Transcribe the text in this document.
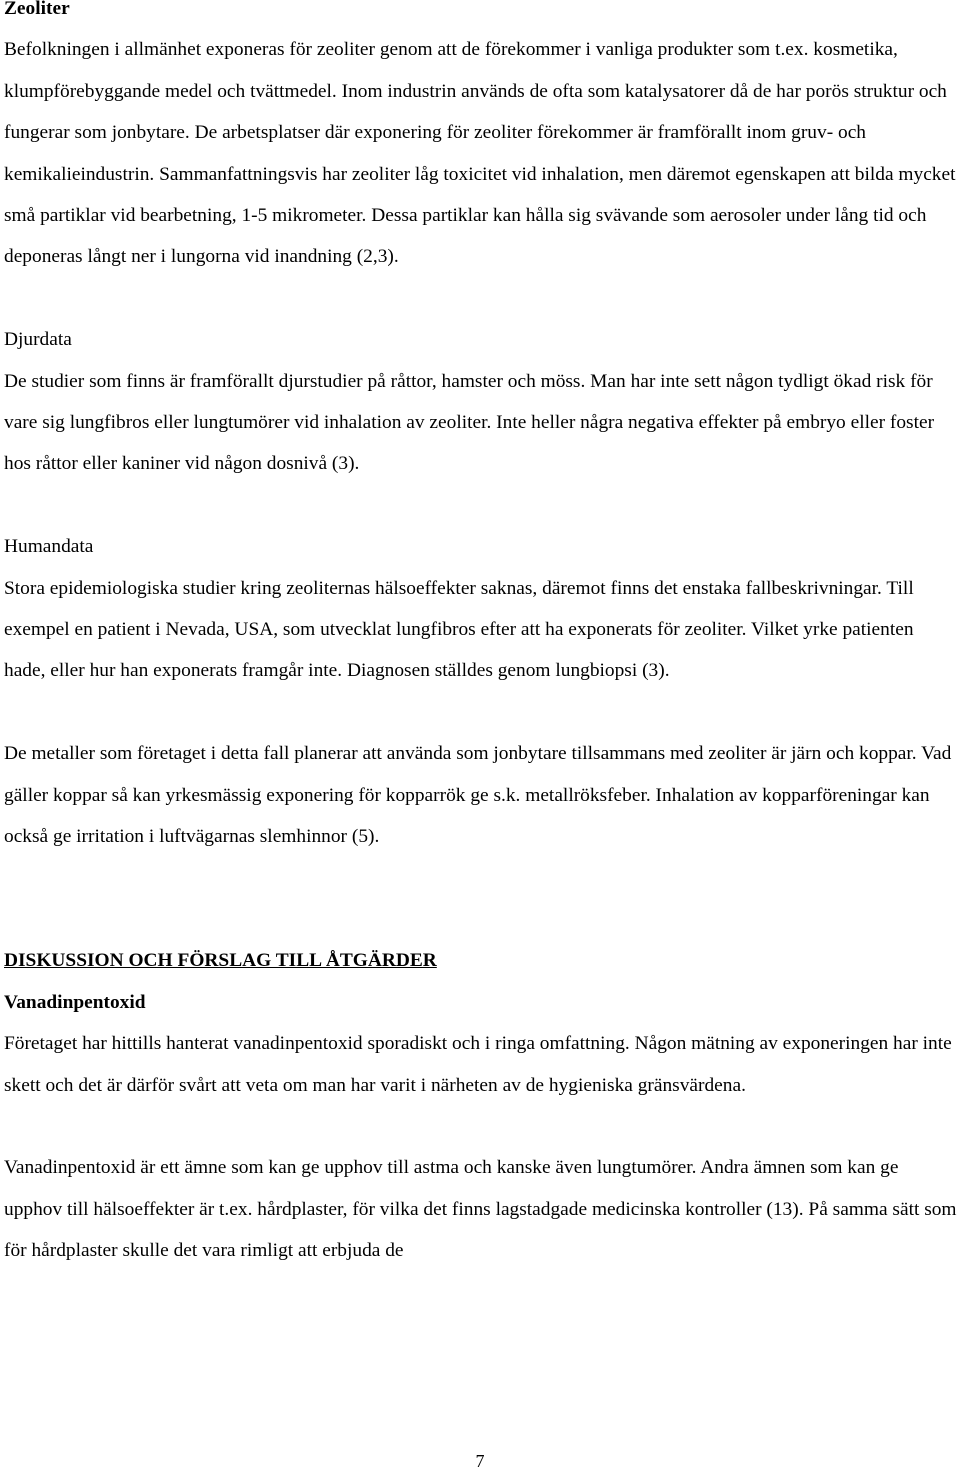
Zeoliter

Befolkningen i allmänhet exponeras för zeoliter genom att de förekommer i vanliga produkter som t.ex. kosmetika, klumpförebyggande medel och tvättmedel. Inom industrin används de ofta som katalysatorer då de har porös struktur och fungerar som jonbytare. De arbetsplatser där exponering för zeoliter förekommer är framförallt inom gruv- och kemikalieindustrin. Sammanfattningsvis har zeoliter låg toxicitet vid inhalation, men däremot egenskapen att bilda mycket små partiklar vid bearbetning, 1-5 mikrometer. Dessa partiklar kan hålla sig svävande som aerosoler under lång tid och deponeras långt ner i lungorna vid inandning (2,3).

Djurdata

De studier som finns är framförallt djurstudier på råttor, hamster och möss. Man har inte sett någon tydligt ökad risk för vare sig lungfibros eller lungtumörer vid inhalation av zeoliter. Inte heller några negativa effekter på embryo eller foster hos råttor eller kaniner vid någon dosnivå (3).

Humandata

Stora epidemiologiska studier kring zeoliternas hälsoeffekter saknas, däremot finns det enstaka fallbeskrivningar. Till exempel en patient i Nevada, USA, som utvecklat lungfibros efter att ha exponerats för zeoliter. Vilket yrke patienten hade, eller hur han exponerats framgår inte. Diagnosen ställdes genom lungbiopsi (3).

De metaller som företaget i detta fall planerar att använda som jonbytare tillsammans med zeoliter är järn och koppar. Vad gäller koppar så kan yrkesmässig exponering för kopparrök ge s.k. metallröksfeber. Inhalation av kopparföreningar kan också ge irritation i luftvägarnas slemhinnor (5).

DISKUSSION OCH FÖRSLAG TILL ÅTGÄRDER
Vanadinpentoxid

Företaget har hittills hanterat vanadinpentoxid sporadiskt och i ringa omfattning. Någon mätning av exponeringen har inte skett och det är därför svårt att veta om man har varit i närheten av de hygieniska gränsvärdena.

Vanadinpentoxid är ett ämne som kan ge upphov till astma och kanske även lungtumörer. Andra ämnen som kan ge upphov till hälsoeffekter är t.ex. hårdplaster, för vilka det finns lagstadgade medicinska kontroller (13). På samma sätt som för hårdplaster skulle det vara rimligt att erbjuda de

7
